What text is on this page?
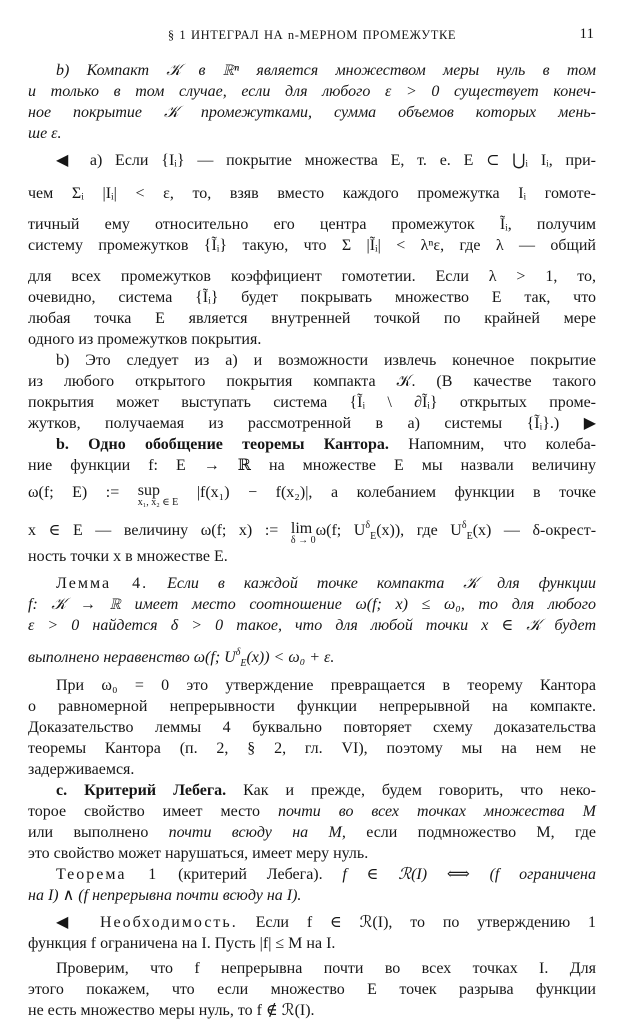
§ 1 ИНТЕГРАЛ НА n-МЕРНОМ ПРОМЕЖУТКЕ	11
b) Компакт 𝒦 в ℝⁿ является множеством меры нуль в том
и только в том случае, если для любого ε > 0 существует конеч-
ное покрытие 𝒦 промежутками, сумма объемов которых мень-
ше ε.
◀ a) Если {Iᵢ} — покрытие множества E, т. е. E ⊂ ⋃ᵢ Iᵢ, при-
чем Σᵢ |Iᵢ| < ε, то, взяв вместо каждого промежутка Iᵢ гомоте-
тичный ему относительно его центра промежуток Ĩᵢ, получим
систему промежутков {Ĩᵢ} такую, что Σ |Ĩᵢ| < λⁿε, где λ — общий
для всех промежутков коэффициент гомотетии. Если λ > 1, то,
очевидно, система {Ĩᵢ} будет покрывать множество E так, что
любая точка E является внутренней точкой по крайней мере
одного из промежутков покрытия.
b) Это следует из a) и возможности извлечь конечное покрытие
из любого открытого покрытия компакта 𝒦. (В качестве такого
покрытия может выступать система {Ĩᵢ \ ∂Ĩᵢ} открытых проме-
жутков, получаемая из рассмотренной в a) системы {Ĩᵢ}.) ▶
b. Одно обобщение теоремы Кантора. Напомним, что колеба-
ние функции f: E → ℝ на множестве E мы назвали величину
ω(f; E) := sup
x₁, x₂ ∈ E
|f(x₁) − f(x₂)|, а колебанием функции в точке
x ∈ E — величину ω(f; x) := lim
δ → 0
ω(f; $U^\delta_E(x)$), где $U^\delta_E(x)$ — δ-окрест-
ность точки x в множестве E.
Лемма 4. Если в каждой точке компакта 𝒦 для функции
f: 𝒦 → ℝ имеет место соотношение ω(f; x) ≤ ω₀, то для любого
ε > 0 найдется δ > 0 такое, что для любой точки x ∈ 𝒦 будет
выполнено неравенство ω(f; $U^\delta_E(x)) < \omega_0 + \varepsilon$.
При ω₀ = 0 это утверждение превращается в теорему Кантора
о равномерной непрерывности функции непрерывной на компакте.
Доказательство леммы 4 буквально повторяет схему доказательства
теоремы Кантора (п. 2, § 2, гл. VI), поэтому мы на нем не
задерживаемся.
c. Критерий Лебега. Как и прежде, будем говорить, что неко-
торое свойство имеет место почти во всех точках множества M
или выполнено почти всюду на M, если подмножество M, где
это свойство может нарушаться, имеет меру нуль.
Теорема 1 (критерий Лебега). f ∈ ℛ(I) ⟺ (f ограничена
на I) ∧ (f непрерывна почти всюду на I).
◀ Необходимость. Если f ∈ ℛ(I), то по утверждению 1
функция f ограничена на I. Пусть |f| ≤ M на I.
Проверим, что f непрерывна почти во всех точках I. Для
этого покажем, что если множество E точек разрыва функции
не есть множество меры нуль, то f ∉ ℛ(I).
